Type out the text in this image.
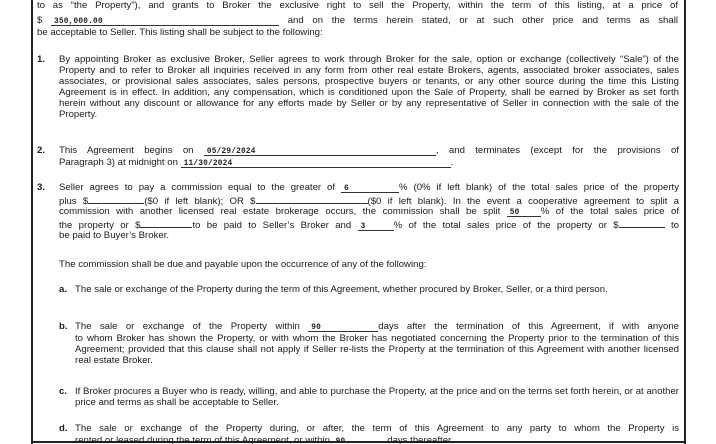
to as “the Property”), and grants to Broker the exclusive right to sell the Property, within the term of this listing, at a price of
$ 350,000.00	and on the terms herein stated, or at such other price and terms as shall
be acceptable to Seller. This listing shall be subject to the following:
1. By appointing Broker as exclusive Broker, Seller agrees to work through Broker for the sale, option or exchange (collectively “Sale”) of the Property and to refer to Broker all inquiries received in any form from other real estate Brokers, agents, associated broker associates, sales associates, or provisional sales associates, sales persons, prospective buyers or tenants, or any other source during the time this Listing Agreement is in effect. In addition, any compensation, which is conditioned upon the Sale of Property, shall be earned by Broker as set forth herein without any discount or allowance for any efforts made by Seller or by any representative of Seller in connection with the sale of the Property.
2. This Agreement begins on 05/29/2024	, and terminates (except for the provisions of
Paragraph 3) at midnight on 11/30/2024	.
3. Seller agrees to pay a commission equal to the greater of 6	% (0% if left blank) of the total sales price of the property
plus $	($0 if left blank); OR $	($0 if left blank). In the event a cooperative agreement to split a
commission with another licensed real estate brokerage occurs, the commission shall be split 50 % of the total sales price of
the property or $	to be paid to Seller’s Broker and 3	% of the total sales price of the property or $	to
be paid to Buyer’s Broker.
The commission shall be due and payable upon the occurrence of any of the following:
a. The sale or exchange of the Property during the term of this Agreement, whether procured by Broker, Seller, or a third person.
b. The sale or exchange of the Property within 90	days after the termination of this Agreement, if with anyone
to whom Broker has shown the Property, or with whom the Broker has negotiated concerning the Property prior to the termination of this Agreement; provided that this clause shall not apply if Seller re-lists the Property at the termination of this Agreement with another licensed real estate Broker.
c. If Broker procures a Buyer who is ready, willing, and able to purchase the Property, at the price and on the terms set forth herein, or at another price and terms as shall be acceptable to Seller.
d. The sale or exchange of the Property during, or after, the term of this Agreement to any party to whom the Property is
rented or leased during the term of this Agreement, or within 90	days thereafter.
